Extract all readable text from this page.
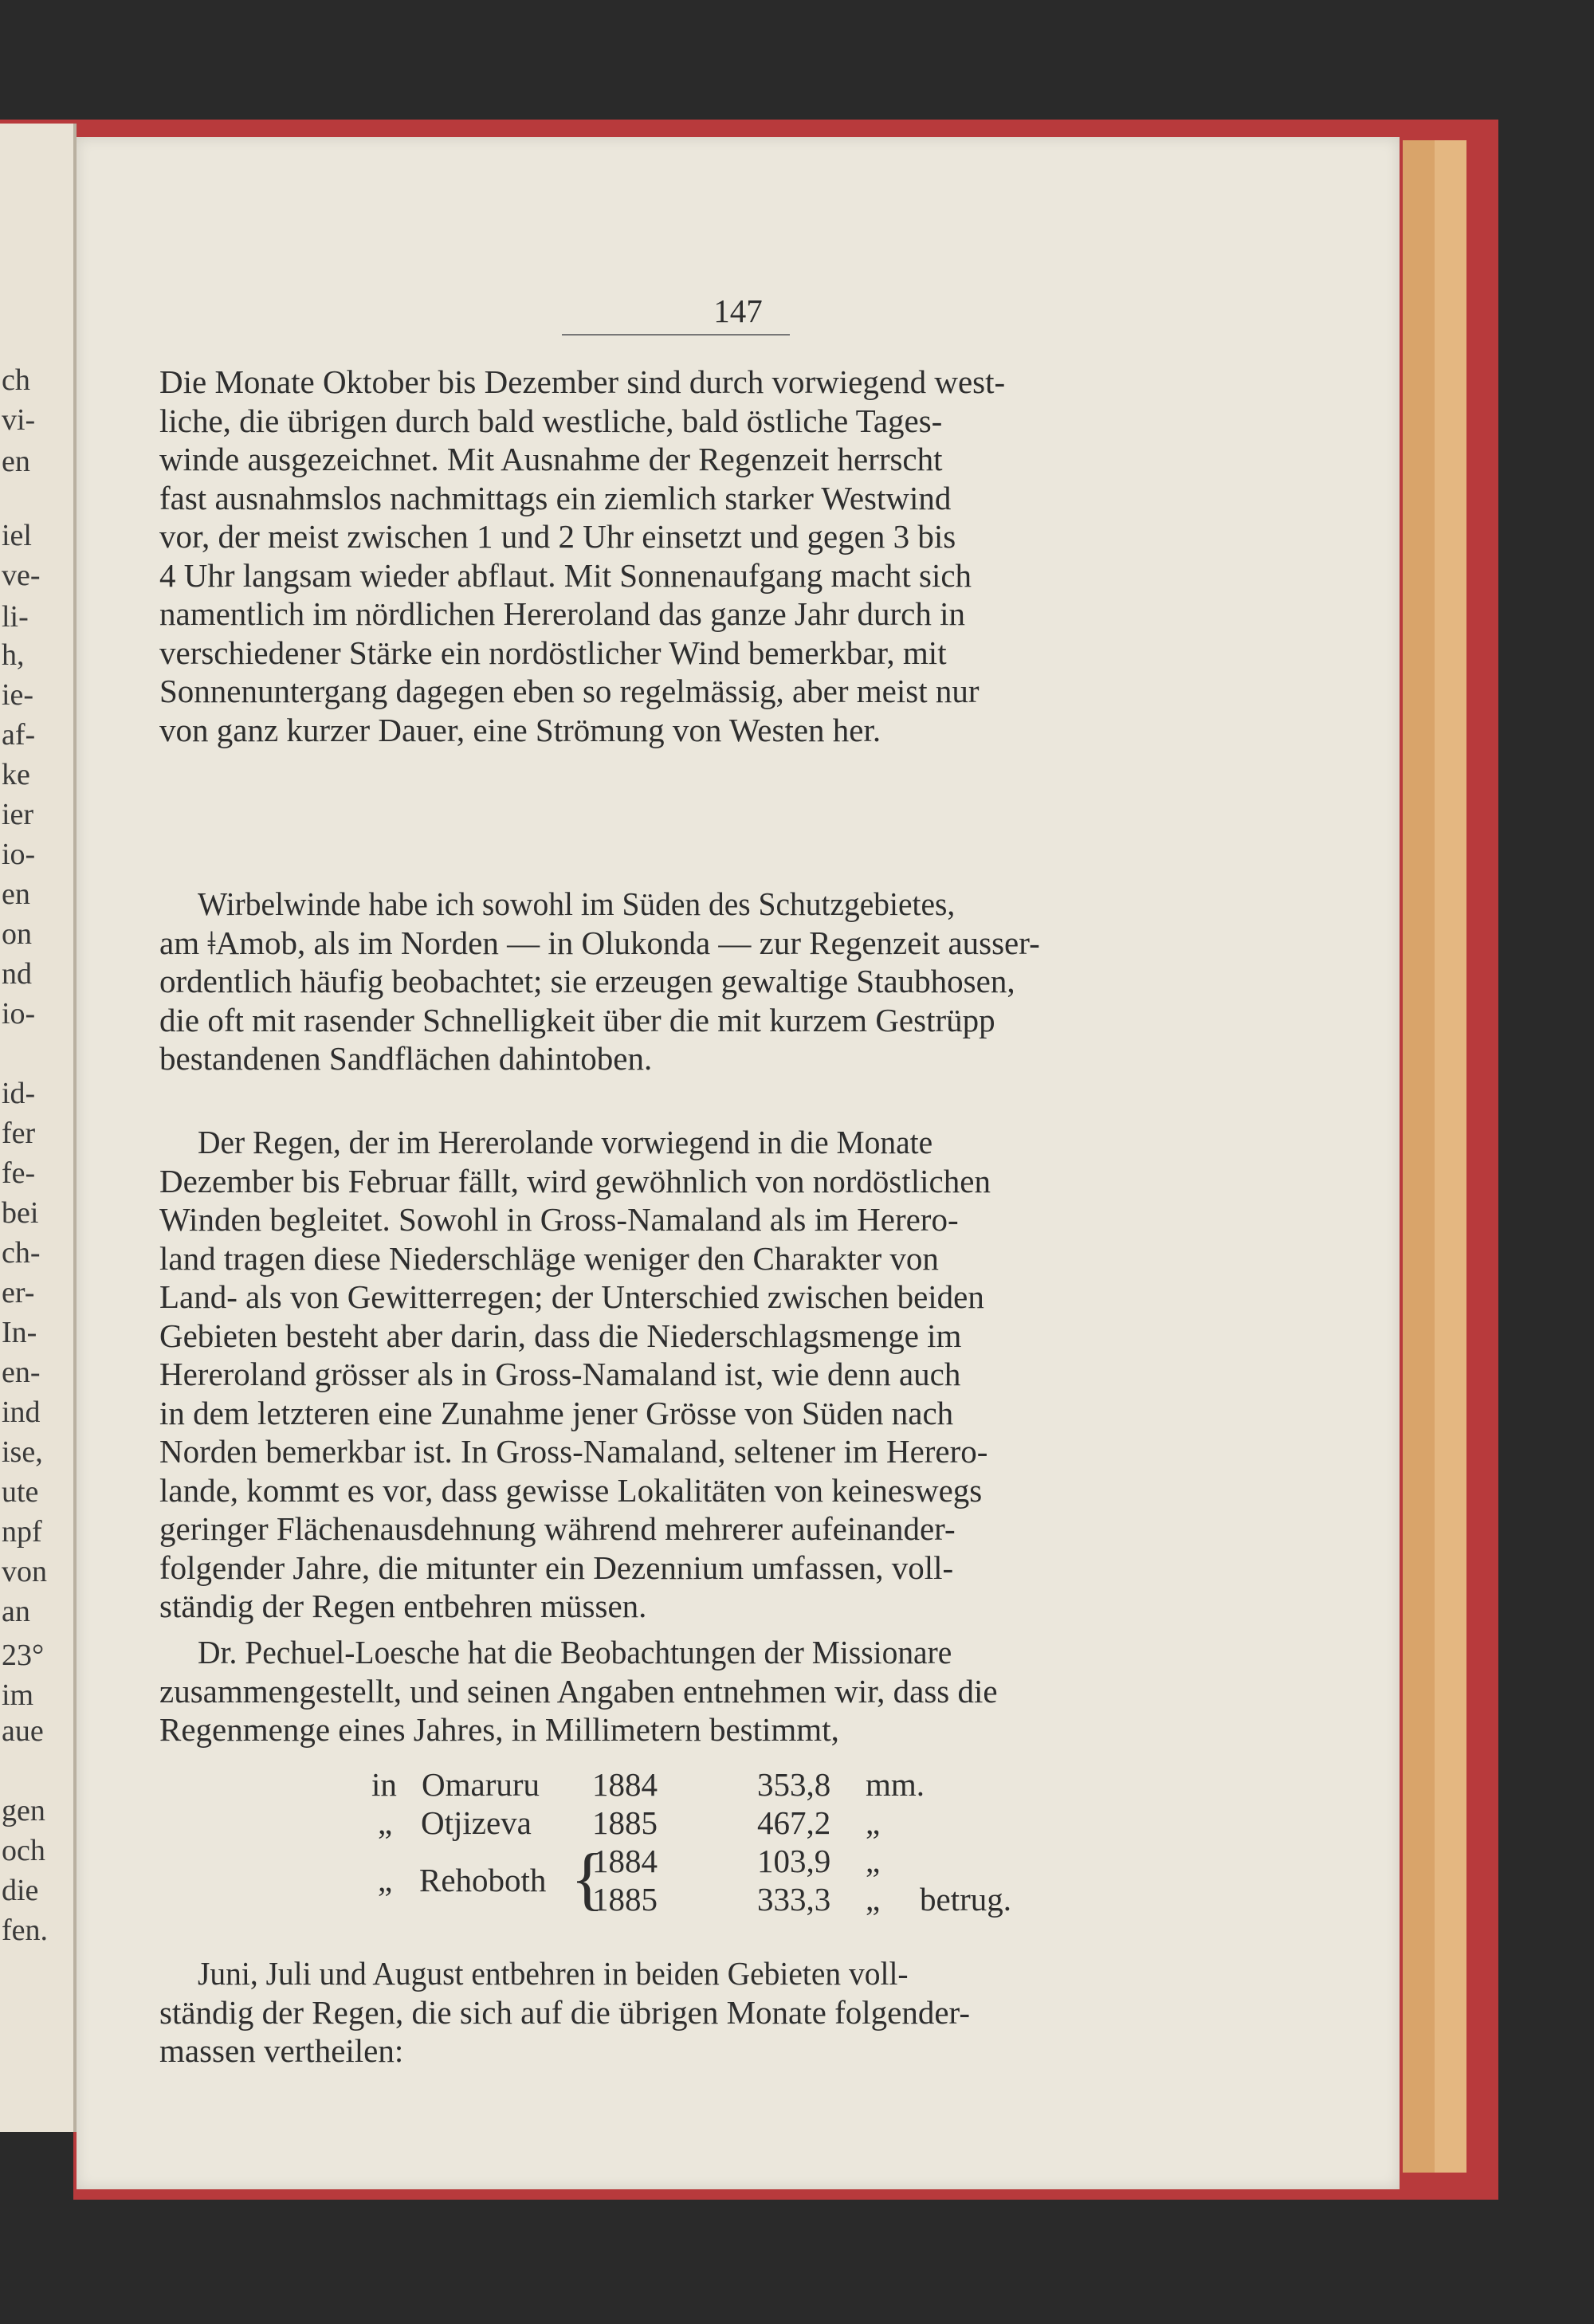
147
Die Monate Oktober bis Dezember sind durch vorwiegend west-
liche, die übrigen durch bald westliche, bald östliche Tages-
winde ausgezeichnet. Mit Ausnahme der Regenzeit herrscht
fast ausnahmslos nachmittags ein ziemlich starker Westwind
vor, der meist zwischen 1 und 2 Uhr einsetzt und gegen 3 bis
4 Uhr langsam wieder abflaut. Mit Sonnenaufgang macht sich
namentlich im nördlichen Hereroland das ganze Jahr durch in
verschiedener Stärke ein nordöstlicher Wind bemerkbar, mit
Sonnenuntergang dagegen eben so regelmässig, aber meist nur
von ganz kurzer Dauer, eine Strömung von Westen her.
Wirbelwinde habe ich sowohl im Süden des Schutzgebietes,
am ǂAmob, als im Norden — in Olukonda — zur Regenzeit ausser-
ordentlich häufig beobachtet; sie erzeugen gewaltige Staubhosen,
die oft mit rasender Schnelligkeit über die mit kurzem Gestrüpp
bestandenen Sandflächen dahintoben.
Der Regen, der im Hererolande vorwiegend in die Monate
Dezember bis Februar fällt, wird gewöhnlich von nordöstlichen
Winden begleitet. Sowohl in Gross-Namaland als im Herero-
land tragen diese Niederschläge weniger den Charakter von
Land- als von Gewitterregen; der Unterschied zwischen beiden
Gebieten besteht aber darin, dass die Niederschlagsmenge im
Hereroland grösser als in Gross-Namaland ist, wie denn auch
in dem letzteren eine Zunahme jener Grösse von Süden nach
Norden bemerkbar ist. In Gross-Namaland, seltener im Herero-
lande, kommt es vor, dass gewisse Lokalitäten von keineswegs
geringer Flächenausdehnung während mehrerer aufeinander-
folgender Jahre, die mitunter ein Dezennium umfassen, voll-
ständig der Regen entbehren müssen.
Dr. Pechuel-Loesche hat die Beobachtungen der Missionare
zusammengestellt, und seinen Angaben entnehmen wir, dass die
Regenmenge eines Jahres, in Millimetern bestimmt,
in Omaruru 1884	353,8 mm.
„ Otjizeva 1885	467,2 „
„ Rehoboth
1884	103,9 „
1885	333,3 „ betrug.
{
Juni, Juli und August entbehren in beiden Gebieten voll-
ständig der Regen, die sich auf die übrigen Monate folgender-
massen vertheilen:
ch
vi-
en
iel
ve-
li-
h,
ie-
af-
ke
ier
io-
en
on
nd
io-
id-
fer
fe-
bei
ch-
er-
In-
en-
ind
ise,
ute
npf
von
an
23°
im
aue
gen
och
die
fen.
